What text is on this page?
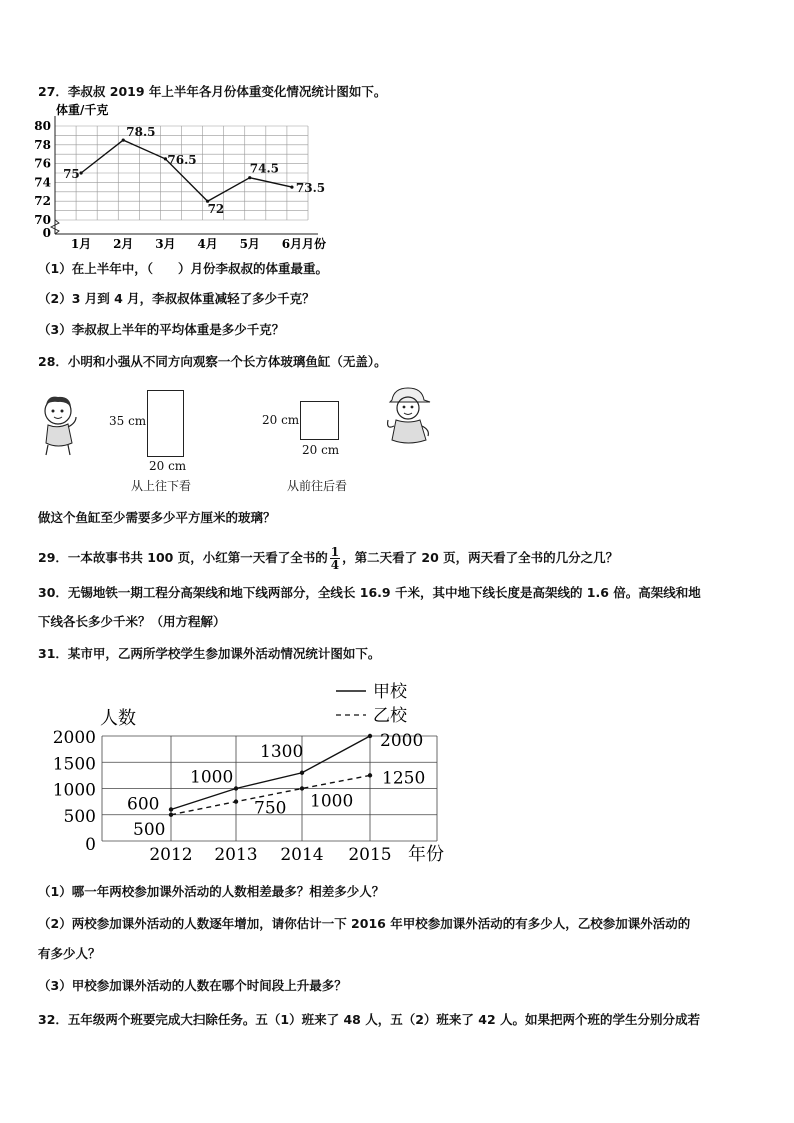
27．李叔叔 2019 年上半年各月份体重变化情况统计图如下。
体重/千克
月份
80
78
76
74
72
70
0
1月 2月 3月 4月 5月 6月
75
78.5
76.5
72
74.5
73.5
（1）在上半年中，（　　）月份李叔叔的体重最重。
（2）3 月到 4 月，李叔叔体重减轻了多少千克？
（3）李叔叔上半年的平均体重是多少千克？
28．小明和小强从不同方向观察一个长方体玻璃鱼缸（无盖）。
35 cm
20 cm
从上往下看
20 cm
20 cm
从前往后看
做这个鱼缸至少需要多少平方厘米的玻璃？
29．一本故事书共 100 页，小红第一天看了全书的 $\frac{1}{4}$ ，第二天看了 20 页，两天看了全书的几分之几？
30．无锡地铁一期工程分高架线和地下线两部分，全线长 16.9 千米，其中地下线长度是高架线的 1.6 倍。高架线和地
下线各长多少千米？（用方程解）
31．某市甲，乙两所学校学生参加课外活动情况统计图如下。
人数
年份
2000
1500
1000
500
0	2012 2013 2014 2015
甲校
乙校
600
1000
1300
2000
500
750 1000
1250
（1）哪一年两校参加课外活动的人数相差最多？相差多少人？
（2）两校参加课外活动的人数逐年增加，请你估计一下 2016 年甲校参加课外活动的有多少人，乙校参加课外活动的
有多少人？
（3）甲校参加课外活动的人数在哪个时间段上升最多？
32．五年级两个班要完成大扫除任务。五（1）班来了 48 人，五（2）班来了 42 人。如果把两个班的学生分别分成若
